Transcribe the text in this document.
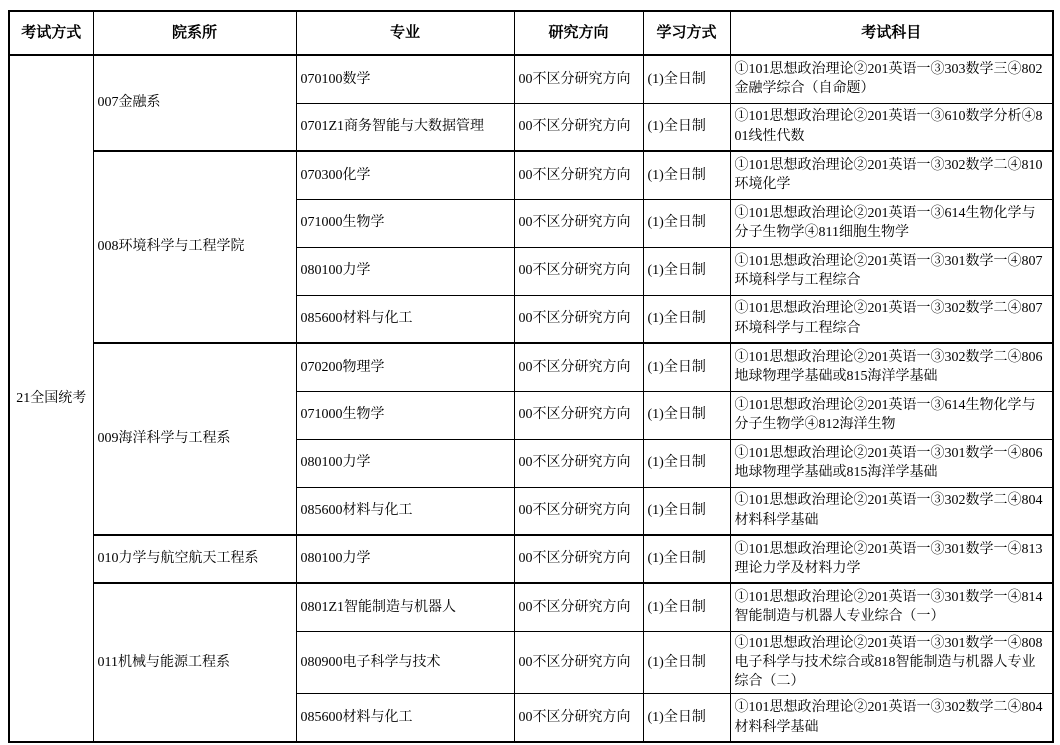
考试方式	院系所	专业	研究方向	学习方式	考试科目
21全国统考	007金融系	070100数学	00不区分研究方向	(1)全日制	①101思想政治理论②201英语一③303数学三④802金融学综合（自命题）
		0701Z1商务智能与大数据管理	00不区分研究方向	(1)全日制	①101思想政治理论②201英语一③610数学分析④801线性代数
	008环境科学与工程学院	070300化学	00不区分研究方向	(1)全日制	①101思想政治理论②201英语一③302数学二④810环境化学
		071000生物学	00不区分研究方向	(1)全日制	①101思想政治理论②201英语一③614生物化学与分子生物学④811细胞生物学
		080100力学	00不区分研究方向	(1)全日制	①101思想政治理论②201英语一③301数学一④807环境科学与工程综合
		085600材料与化工	00不区分研究方向	(1)全日制	①101思想政治理论②201英语一③302数学二④807环境科学与工程综合
	009海洋科学与工程系	070200物理学	00不区分研究方向	(1)全日制	①101思想政治理论②201英语一③302数学二④806地球物理学基础或815海洋学基础
		071000生物学	00不区分研究方向	(1)全日制	①101思想政治理论②201英语一③614生物化学与分子生物学④812海洋生物
		080100力学	00不区分研究方向	(1)全日制	①101思想政治理论②201英语一③301数学一④806地球物理学基础或815海洋学基础
		085600材料与化工	00不区分研究方向	(1)全日制	①101思想政治理论②201英语一③302数学二④804材料科学基础
	010力学与航空航天工程系	080100力学	00不区分研究方向	(1)全日制	①101思想政治理论②201英语一③301数学一④813理论力学及材料力学
	011机械与能源工程系	0801Z1智能制造与机器人	00不区分研究方向	(1)全日制	①101思想政治理论②201英语一③301数学一④814智能制造与机器人专业综合（一）
		080900电子科学与技术	00不区分研究方向	(1)全日制	①101思想政治理论②201英语一③301数学一④808电子科学与技术综合或818智能制造与机器人专业综合（二）
		085600材料与化工	00不区分研究方向	(1)全日制	①101思想政治理论②201英语一③302数学二④804材料科学基础
